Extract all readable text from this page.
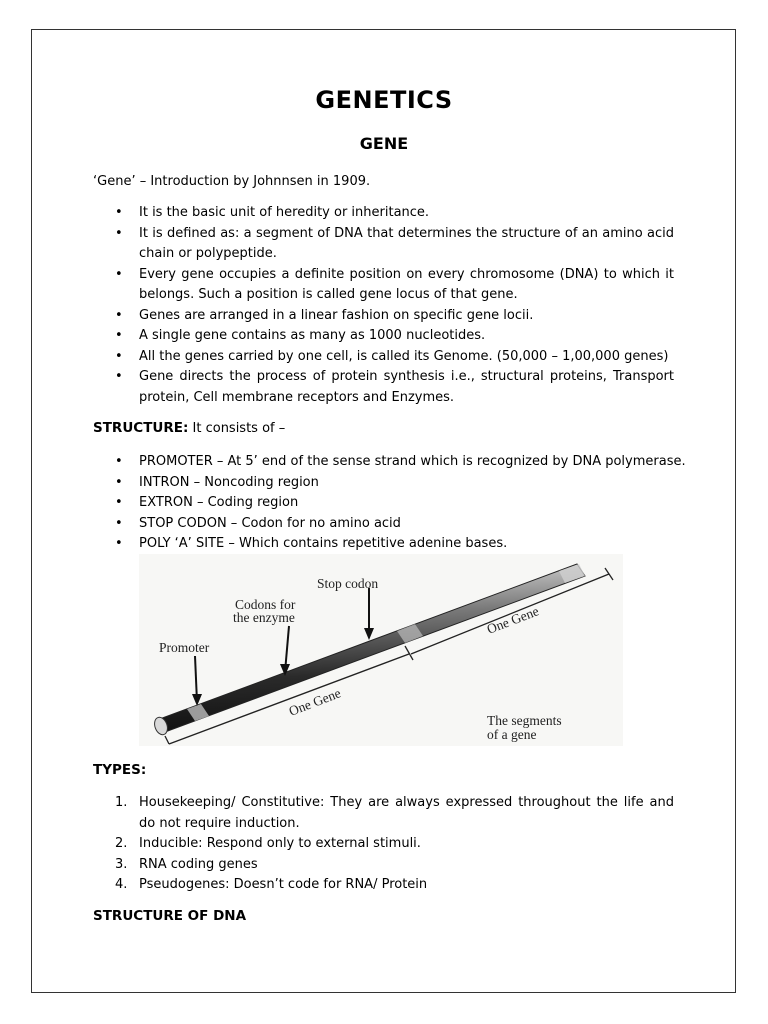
GENETICS
GENE
‘Gene’ – Introduction by Johnnsen in 1909.
• It is the basic unit of heredity or inheritance.
• It is defined as: a segment of DNA that determines the structure of an amino acid chain or polypeptide.
• Every gene occupies a definite position on every chromosome (DNA) to which it belongs. Such a position is called gene locus of that gene.
• Genes are arranged in a linear fashion on specific gene locii.
• A single gene contains as many as 1000 nucleotides.
• All the genes carried by one cell, is called its Genome. (50,000 – 1,00,000 genes)
• Gene directs the process of protein synthesis i.e., structural proteins, Transport protein, Cell membrane receptors and Enzymes.
STRUCTURE: It consists of –
• PROMOTER – At 5’ end of the sense strand which is recognized by DNA polymerase.
• INTRON – Noncoding region
• EXTRON – Coding region
• STOP CODON – Codon for no amino acid
• POLY ‘A’ SITE – Which contains repetitive adenine bases.
Stop codon
Codons for
the enzyme
Promoter
One Gene
One Gene
The segments
of a gene
TYPES:
1. Housekeeping/ Constitutive: They are always expressed throughout the life and do not require induction.
2. Inducible: Respond only to external stimuli.
3. RNA coding genes
4. Pseudogenes: Doesn’t code for RNA/ Protein
STRUCTURE OF DNA
